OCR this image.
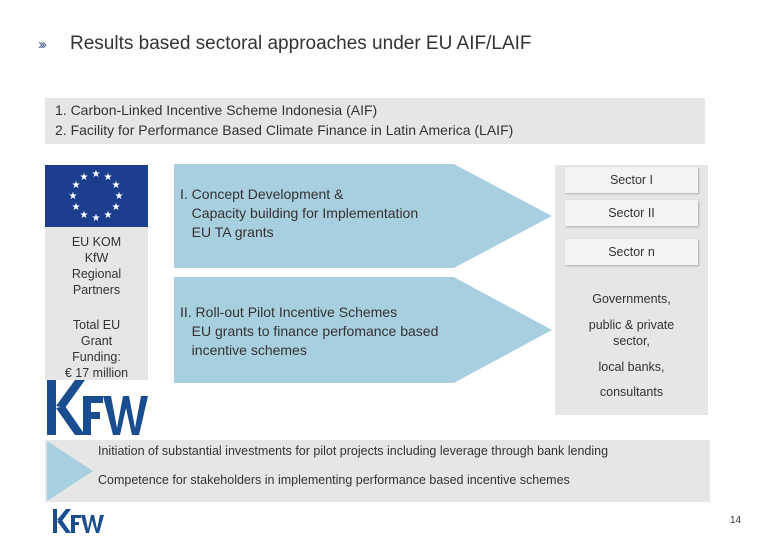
››› Results based sectoral approaches under EU AIF/LAIF
1. Carbon-Linked Incentive Scheme Indonesia (AIF)
2. Facility for Performance Based Climate Finance in Latin America (LAIF)
★ ★
★
★
★
★
★
★
★
★
★
★
EU KOM
KfW
Regional
Partners
Total EU
Grant
Funding:
€ 17 million
I. Concept Development &
Capacity building for Implementation
EU TA grants
II. Roll-out Pilot Incentive Schemes
EU grants to finance perfomance based
incentive schemes
Sector I
Sector II
Sector n
Governments,
public & private
sector,
local banks,
consultants
Initiation of substantial investments for pilot projects including leverage through bank lending
Competence for stakeholders in implementing performance based incentive schemes
14
